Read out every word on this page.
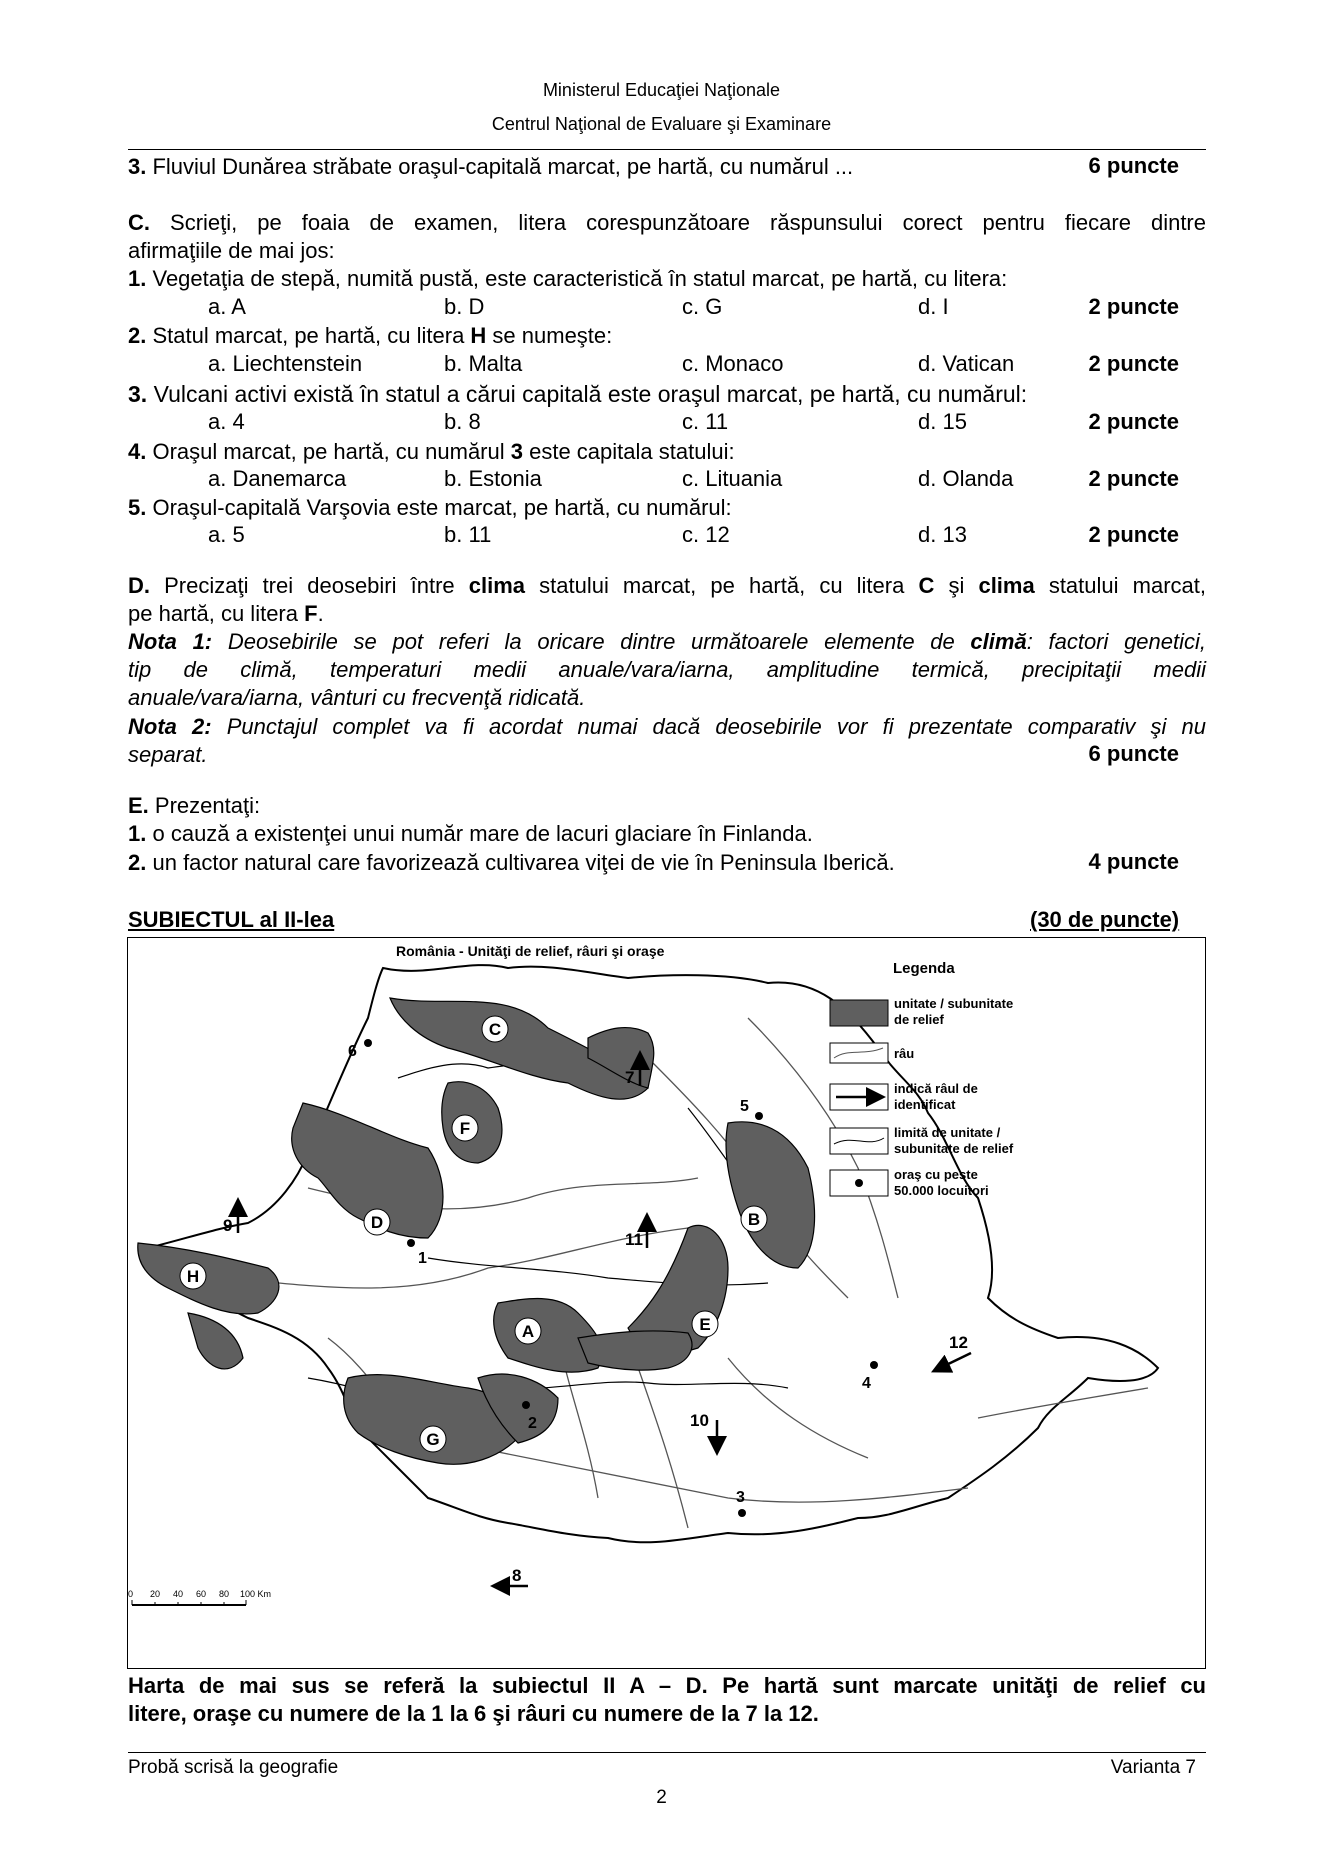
Ministerul Educaţiei Naţionale
Centrul Naţional de Evaluare şi Examinare
3. Fluviul Dunărea străbate oraşul-capitală marcat, pe hartă, cu numărul ...	6 puncte
C. Scrieţi, pe foaia de examen, litera corespunzătoare răspunsului corect pentru fiecare dintre
afirmaţiile de mai jos:
1. Vegetaţia de stepă, numită pustă, este caracteristică în statul marcat, pe hartă, cu litera:
a. A	b. D	c. G	d. I	2 puncte
2. Statul marcat, pe hartă, cu litera H se numeşte:
a. Liechtenstein	b. Malta	c. Monaco	d. Vatican	2 puncte
3. Vulcani activi există în statul a cărui capitală este oraşul marcat, pe hartă, cu numărul:
a. 4	b. 8	c. 11	d. 15	2 puncte
4. Oraşul marcat, pe hartă, cu numărul 3 este capitala statului:
a. Danemarca	b. Estonia	c. Lituania	d. Olanda	2 puncte
5. Oraşul-capitală Varşovia este marcat, pe hartă, cu numărul:
a. 5	b. 11	c. 12	d. 13	2 puncte
D. Precizaţi trei deosebiri între clima statului marcat, pe hartă, cu litera C şi clima statului marcat,
pe hartă, cu litera F.
Nota 1: Deosebirile se pot referi la oricare dintre următoarele elemente de climă: factori genetici,
tip de climă, temperaturi medii anuale/vara/iarna, amplitudine termică, precipitaţii medii
anuale/vara/iarna, vânturi cu frecvenţă ridicată.
Nota 2: Punctajul complet va fi acordat numai dacă deosebirile vor fi prezentate comparativ şi nu
separat.	6 puncte
E. Prezentaţi:
1. o cauză a existenţei unui număr mare de lacuri glaciare în Finlanda.
2. un factor natural care favorizează cultivarea viţei de vie în Peninsula Iberică.	4 puncte
SUBIECTUL al II-lea	(30 de puncte)
România - Unităţi de relief, râuri şi oraşe
C
F
D	B
H
A	E
G
1
2
3
4
5
6
7
8
9
10
11
12
0 20 40 60 80 100 Km
Legenda
unitate / subunitate
de relief
râu
indică râul de
identificat
limită de unitate /
subunitate de relief
oraş cu peste
50.000 locuitori
Harta de mai sus se referă la subiectul II A – D. Pe hartă sunt marcate unităţi de relief cu
litere, oraşe cu numere de la 1 la 6 şi râuri cu numere de la 7 la 12.
Probă scrisă la geografie	Varianta 7
2
